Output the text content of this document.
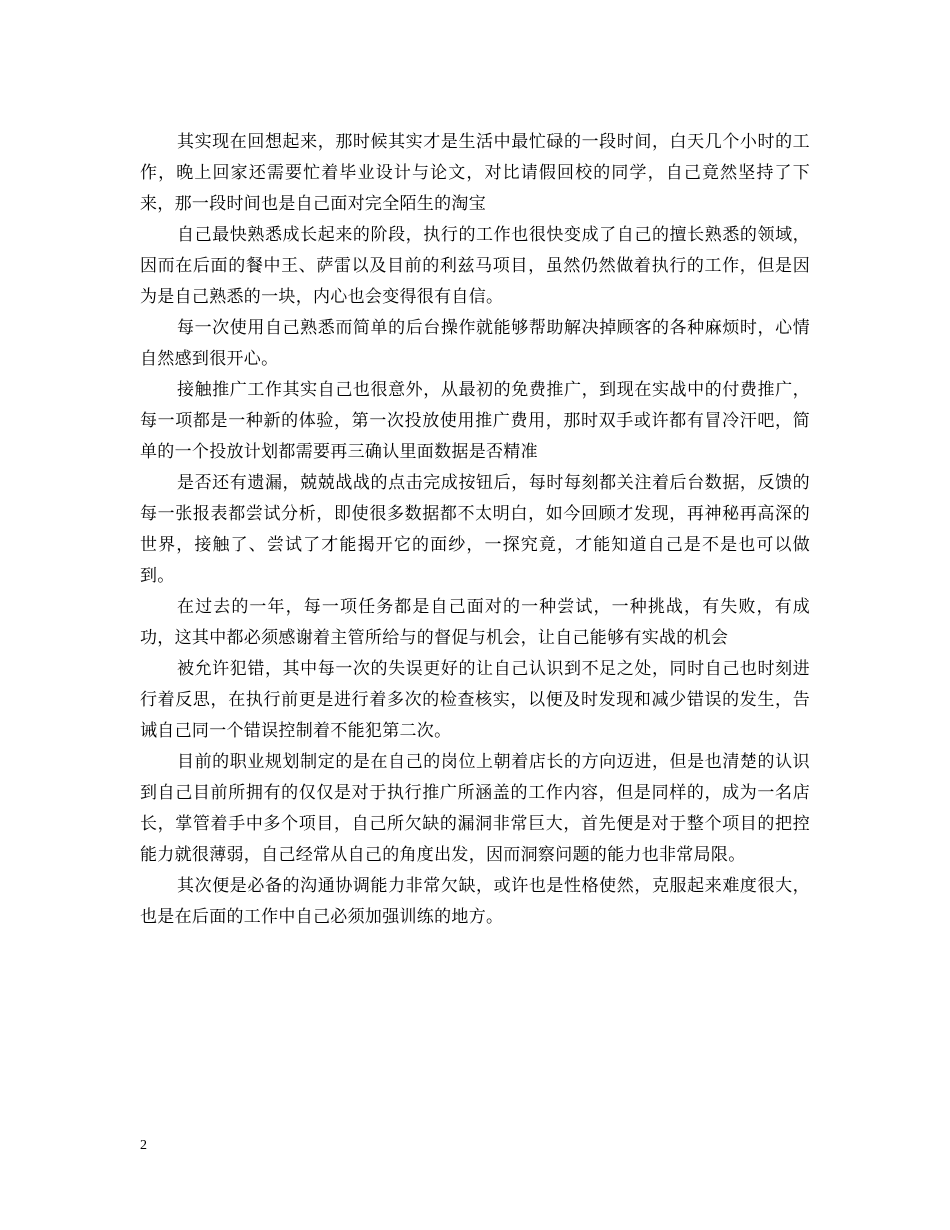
其实现在回想起来，那时候其实才是生活中最忙碌的一段时间，白天几个小时的工作，晚上回家还需要忙着毕业设计与论文，对比请假回校的同学，自己竟然坚持了下来，那一段时间也是自己面对完全陌生的淘宝

自己最快熟悉成长起来的阶段，执行的工作也很快变成了自己的擅长熟悉的领域，因而在后面的餐中王、萨雷以及目前的利兹马项目，虽然仍然做着执行的工作，但是因为是自己熟悉的一块，内心也会变得很有自信。

每一次使用自己熟悉而简单的后台操作就能够帮助解决掉顾客的各种麻烦时，心情自然感到很开心。

接触推广工作其实自己也很意外，从最初的免费推广，到现在实战中的付费推广，每一项都是一种新的体验，第一次投放使用推广费用，那时双手或许都有冒冷汗吧，简单的一个投放计划都需要再三确认里面数据是否精准

是否还有遗漏，兢兢战战的点击完成按钮后，每时每刻都关注着后台数据，反馈的每一张报表都尝试分析，即使很多数据都不太明白，如今回顾才发现，再神秘再高深的世界，接触了、尝试了才能揭开它的面纱，一探究竟，才能知道自己是不是也可以做到。

在过去的一年，每一项任务都是自己面对的一种尝试，一种挑战，有失败，有成功，这其中都必须感谢着主管所给与的督促与机会，让自己能够有实战的机会

被允许犯错，其中每一次的失误更好的让自己认识到不足之处，同时自己也时刻进行着反思，在执行前更是进行着多次的检查核实，以便及时发现和减少错误的发生，告诫自己同一个错误控制着不能犯第二次。

目前的职业规划制定的是在自己的岗位上朝着店长的方向迈进，但是也清楚的认识到自己目前所拥有的仅仅是对于执行推广所涵盖的工作内容，但是同样的，成为一名店长，掌管着手中多个项目，自己所欠缺的漏洞非常巨大，首先便是对于整个项目的把控能力就很薄弱，自己经常从自己的角度出发，因而洞察问题的能力也非常局限。

其次便是必备的沟通协调能力非常欠缺，或许也是性格使然，克服起来难度很大，也是在后面的工作中自己必须加强训练的地方。

2
